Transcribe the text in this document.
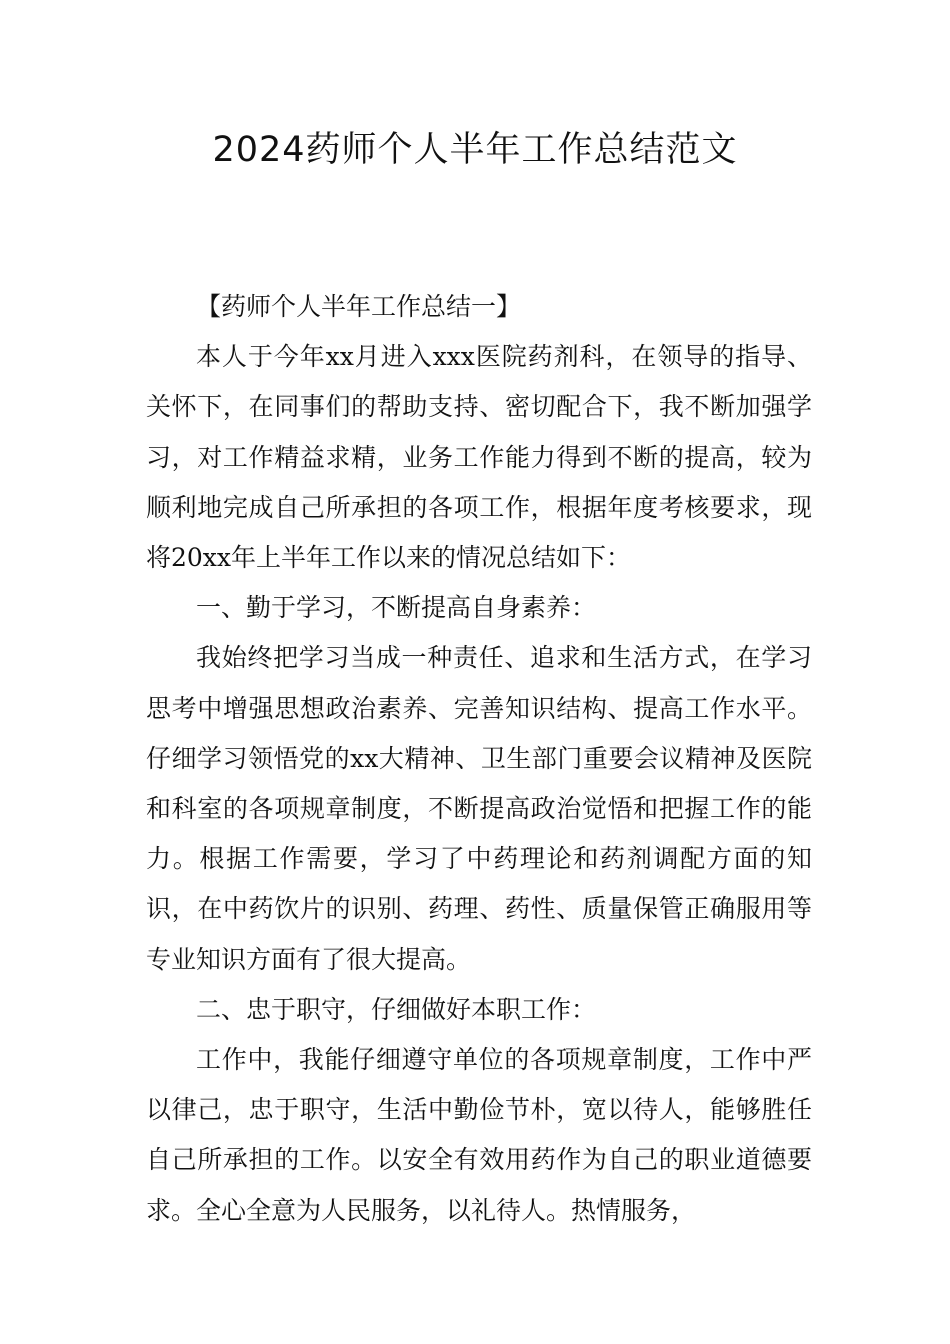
2024药师个人半年工作总结范文

【药师个人半年工作总结一】

本人于今年xx月进入xxx医院药剂科，在领导的指导、关怀下，在同事们的帮助支持、密切配合下，我不断加强学习，对工作精益求精，业务工作能力得到不断的提高，较为顺利地完成自己所承担的各项工作，根据年度考核要求，现将20xx年上半年工作以来的情况总结如下：

一、勤于学习，不断提高自身素养：

我始终把学习当成一种责任、追求和生活方式，在学习思考中增强思想政治素养、完善知识结构、提高工作水平。仔细学习领悟党的xx大精神、卫生部门重要会议精神及医院和科室的各项规章制度，不断提高政治觉悟和把握工作的能力。根据工作需要，学习了中药理论和药剂调配方面的知识，在中药饮片的识别、药理、药性、质量保管正确服用等专业知识方面有了很大提高。

二、忠于职守，仔细做好本职工作：

工作中，我能仔细遵守单位的各项规章制度，工作中严以律己，忠于职守，生活中勤俭节朴，宽以待人，能够胜任自己所承担的工作。以安全有效用药作为自己的职业道德要求。全心全意为人民服务，以礼待人。热情服务，
